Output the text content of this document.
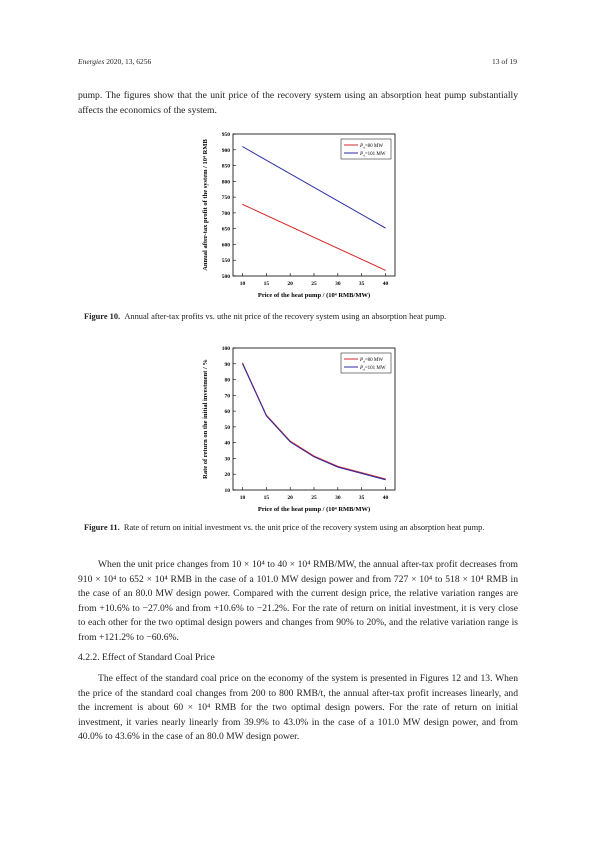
Energies 2020, 13, 6256	13 of 19

pump. The figures show that the unit price of the recovery system using an absorption heat pump substantially affects the economics of the system.

10	15	20	25	30	35	40
500
550
600
650
700
750
800
850
900
950
Price of the heat pump / (10⁴ RMB/MW)
Annual after-tax profit of the system / 10⁴ RMB	$P_d=80$ MW
$P_d=101$ MW

Figure 10. Annual after-tax profits vs. uthe nit price of the recovery system using an absorption heat pump.

10	15	20	25	30	35	40
10
20
30
40
50
60
70
80
90
100
Price of the heat pump / (10⁴ RMB/MW)
Rate of return on the initial investment / %	$P_d=80$ MW
$P_d=101$ MW

Figure 11. Rate of return on initial investment vs. the unit price of the recovery system using an absorption heat pump.

When the unit price changes from 10 × 10⁴ to 40 × 10⁴ RMB/MW, the annual after-tax profit decreases from 910 × 10⁴ to 652 × 10⁴ RMB in the case of a 101.0 MW design power and from 727 × 10⁴ to 518 × 10⁴ RMB in the case of an 80.0 MW design power. Compared with the current design price, the relative variation ranges are from +10.6% to −27.0% and from +10.6% to −21.2%. For the rate of return on initial investment, it is very close to each other for the two optimal design powers and changes from 90% to 20%, and the relative variation range is from +121.2% to −60.6%.

4.2.2. Effect of Standard Coal Price

The effect of the standard coal price on the economy of the system is presented in Figures 12 and 13. When the price of the standard coal changes from 200 to 800 RMB/t, the annual after-tax profit increases linearly, and the increment is about 60 × 10⁴ RMB for the two optimal design powers. For the rate of return on initial investment, it varies nearly linearly from 39.9% to 43.0% in the case of a 101.0 MW design power, and from 40.0% to 43.6% in the case of an 80.0 MW design power.
